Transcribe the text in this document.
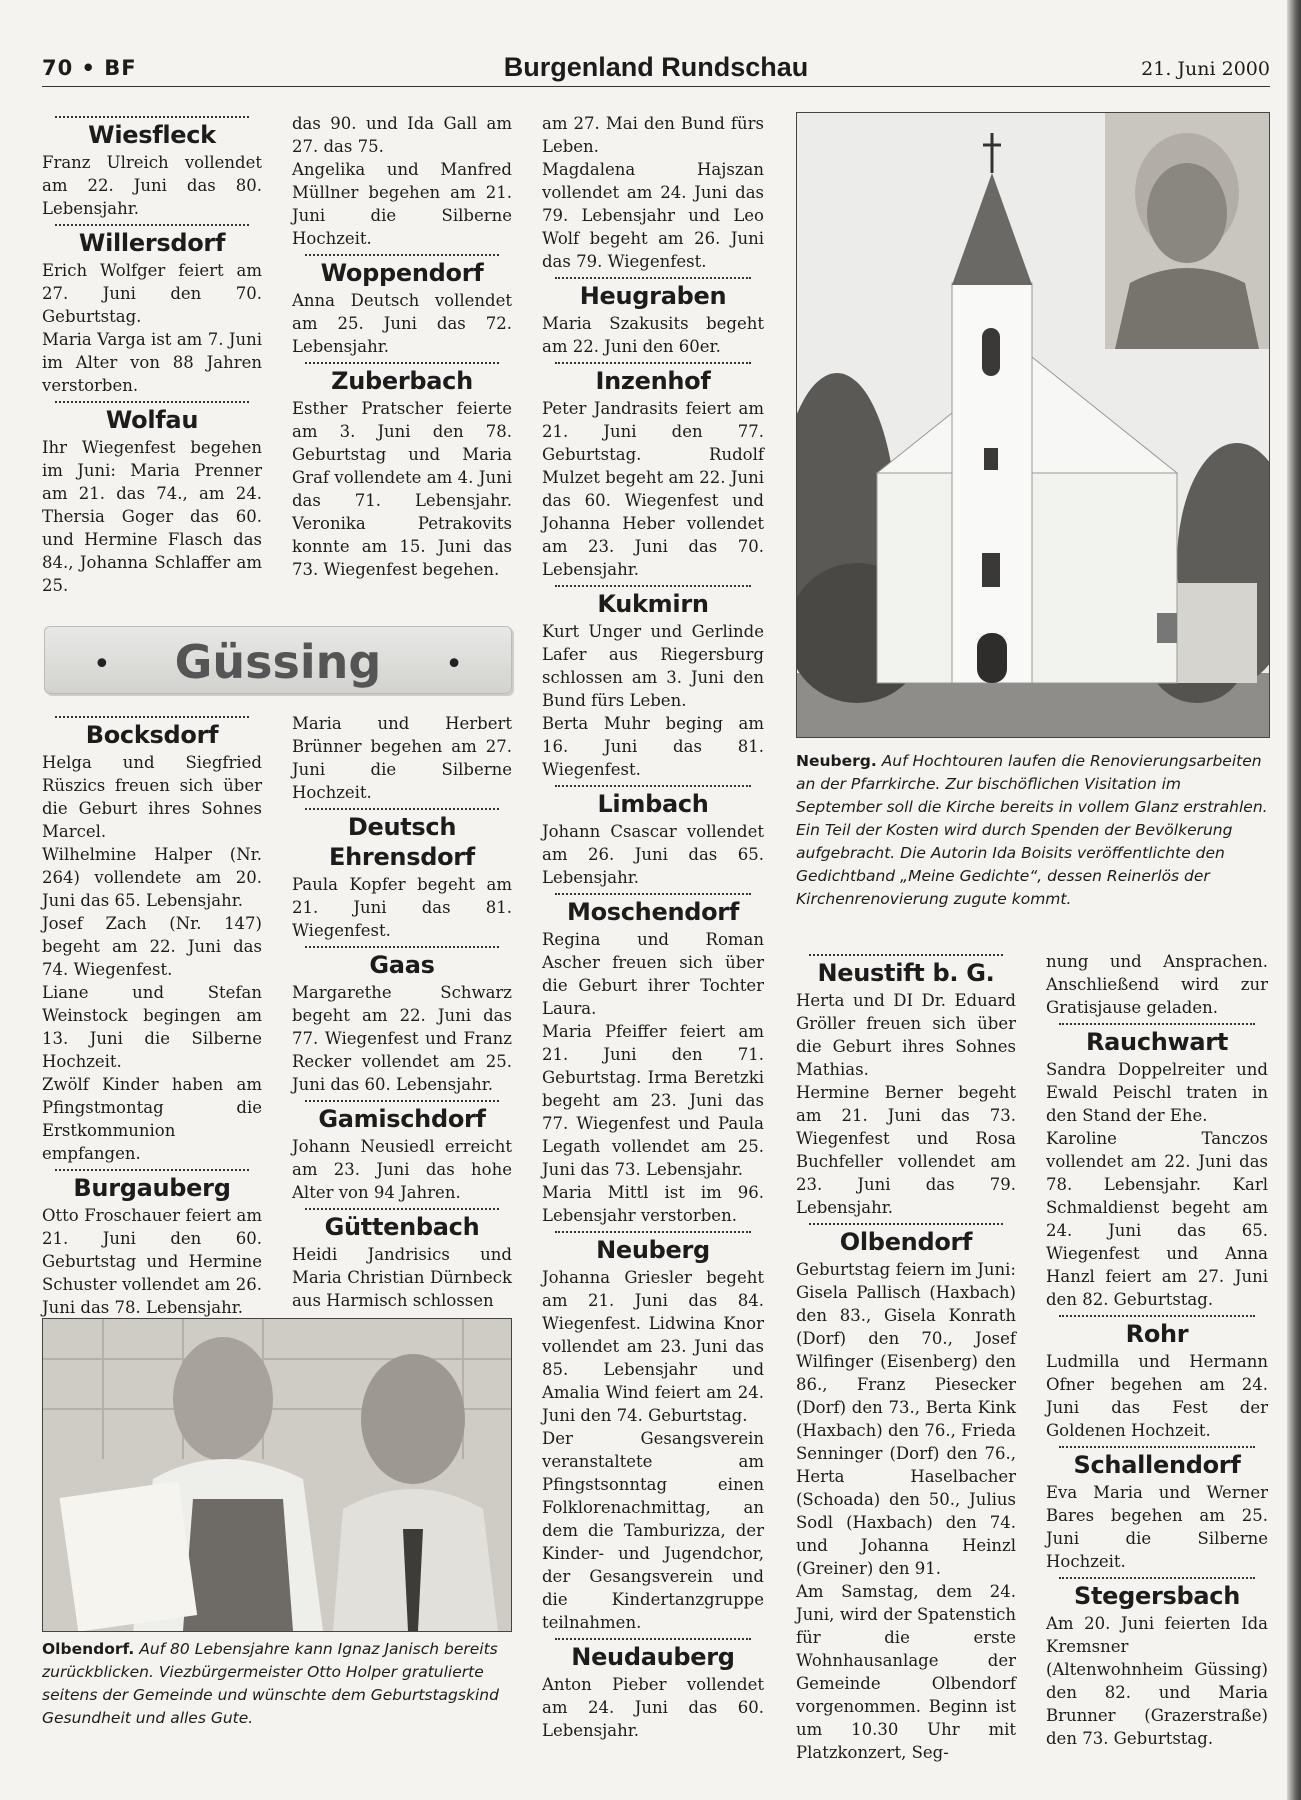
70 • BF	Burgenland Rundschau	21. Juni 2000
Wiesfleck

Franz Ulreich vollendet am 22. Juni das 80. Lebensjahr.

Willersdorf

Erich Wolfger feiert am 27. Juni den 70. Geburtstag.

Maria Varga ist am 7. Juni im Alter von 88 Jahren verstorben.

Wolfau

Ihr Wiegenfest begehen im Juni: Maria Prenner am 21. das 74., am 24. Thersia Goger das 60. und Hermine Flasch das 84., Johanna Schlaffer am 25.

das 90. und Ida Gall am 27. das 75.

Angelika und Manfred Müllner begehen am 21. Juni die Silberne Hochzeit.

Woppendorf

Anna Deutsch vollendet am 25. Juni das 72. Lebensjahr.

Zuberbach

Esther Pratscher feierte am 3. Juni den 78. Geburtstag und Maria Graf vollendete am 4. Juni das 71. Lebensjahr. Veronika Petrakovits konnte am 15. Juni das 73. Wiegenfest begehen.

•	Güssing	•
Bocksdorf

Helga und Siegfried Rüszics freuen sich über die Geburt ihres Sohnes Marcel.

Wilhelmine Halper (Nr. 264) vollendete am 20. Juni das 65. Lebensjahr.

Josef Zach (Nr. 147) begeht am 22. Juni das 74. Wiegenfest.

Liane und Stefan Weinstock begingen am 13. Juni die Silberne Hochzeit.

Zwölf Kinder haben am Pfingstmontag die Erstkommunion empfangen.

Burgauberg

Otto Froschauer feiert am 21. Juni den 60. Geburtstag und Hermine Schuster vollendet am 26. Juni das 78. Lebensjahr.

Maria und Herbert Brünner begehen am 27. Juni die Silberne Hochzeit.

Deutsch Ehrensdorf

Paula Kopfer begeht am 21. Juni das 81. Wiegenfest.

Gaas

Margarethe Schwarz begeht am 22. Juni das 77. Wiegenfest und Franz Recker vollendet am 25. Juni das 60. Lebensjahr.

Gamischdorf

Johann Neusiedl erreicht am 23. Juni das hohe Alter von 94 Jahren.

Güttenbach

Heidi Jandrisics und Maria Christian Dürnbeck aus Harmisch schlossen

Olbendorf. Auf 80 Lebensjahre kann Ignaz Janisch bereits zurückblicken. Viezbürgermeister Otto Holper gratulierte seitens der Gemeinde und wünschte dem Geburtstagskind Gesundheit und alles Gute.

am 27. Mai den Bund fürs Leben.

Magdalena Hajszan vollendet am 24. Juni das 79. Lebensjahr und Leo Wolf begeht am 26. Juni das 79. Wiegenfest.

Heugraben

Maria Szakusits begeht am 22. Juni den 60er.

Inzenhof

Peter Jandrasits feiert am 21. Juni den 77. Geburtstag. Rudolf Mulzet begeht am 22. Juni das 60. Wiegenfest und Johanna Heber vollendet am 23. Juni das 70. Lebensjahr.

Kukmirn

Kurt Unger und Gerlinde Lafer aus Riegersburg schlossen am 3. Juni den Bund fürs Leben.

Berta Muhr beging am 16. Juni das 81. Wiegenfest.

Limbach

Johann Csascar vollendet am 26. Juni das 65. Lebensjahr.

Moschendorf

Regina und Roman Ascher freuen sich über die Geburt ihrer Tochter Laura.

Maria Pfeiffer feiert am 21. Juni den 71. Geburtstag. Irma Beretzki begeht am 23. Juni das 77. Wiegenfest und Paula Legath vollendet am 25. Juni das 73. Lebensjahr.

Maria Mittl ist im 96. Lebensjahr verstorben.

Neuberg

Johanna Griesler begeht am 21. Juni das 84. Wiegenfest. Lidwina Knor vollendet am 23. Juni das 85. Lebensjahr und Amalia Wind feiert am 24. Juni den 74. Geburtstag.

Der Gesangsverein veranstaltete am Pfingstsonntag einen Folklorenachmittag, an dem die Tamburizza, der Kinder- und Jugendchor, der Gesangsverein und die Kindertanzgruppe teilnahmen.

Neudauberg

Anton Pieber vollendet am 24. Juni das 60. Lebensjahr.

Neuberg. Auf Hochtouren laufen die Renovierungsarbeiten an der Pfarrkirche. Zur bischöflichen Visitation im September soll die Kirche bereits in vollem Glanz erstrahlen. Ein Teil der Kosten wird durch Spenden der Bevölkerung aufgebracht. Die Autorin Ida Boisits veröffentlichte den Gedichtband „Meine Gedichte“, dessen Reinerlös der Kirchenrenovierung zugute kommt.
Neustift b. G.

Herta und DI Dr. Eduard Gröller freuen sich über die Geburt ihres Sohnes Mathias.

Hermine Berner begeht am 21. Juni das 73. Wiegenfest und Rosa Buchfeller vollendet am 23. Juni das 79. Lebensjahr.

Olbendorf

Geburtstag feiern im Juni: Gisela Pallisch (Haxbach) den 83., Gisela Konrath (Dorf) den 70., Josef Wilfinger (Eisenberg) den 86., Franz Piesecker (Dorf) den 73., Berta Kink (Haxbach) den 76., Frieda Senninger (Dorf) den 76., Herta Haselbacher (Schoada) den 50., Julius Sodl (Haxbach) den 74. und Johanna Heinzl (Greiner) den 91.

Am Samstag, dem 24. Juni, wird der Spatenstich für die erste Wohnhausanlage der Gemeinde Olbendorf vorgenommen. Beginn ist um 10.30 Uhr mit Platzkonzert, Seg-

nung und Ansprachen. Anschließend wird zur Gratisjause geladen.

Rauchwart

Sandra Doppelreiter und Ewald Peischl traten in den Stand der Ehe.

Karoline Tanczos vollendet am 22. Juni das 78. Lebensjahr. Karl Schmaldienst begeht am 24. Juni das 65. Wiegenfest und Anna Hanzl feiert am 27. Juni den 82. Geburtstag.

Rohr

Ludmilla und Hermann Ofner begehen am 24. Juni das Fest der Goldenen Hochzeit.

Schallendorf

Eva Maria und Werner Bares begehen am 25. Juni die Silberne Hochzeit.

Stegersbach

Am 20. Juni feierten Ida Kremsner (Altenwohnheim Güssing) den 82. und Maria Brunner (Grazerstraße) den 73. Geburtstag.
